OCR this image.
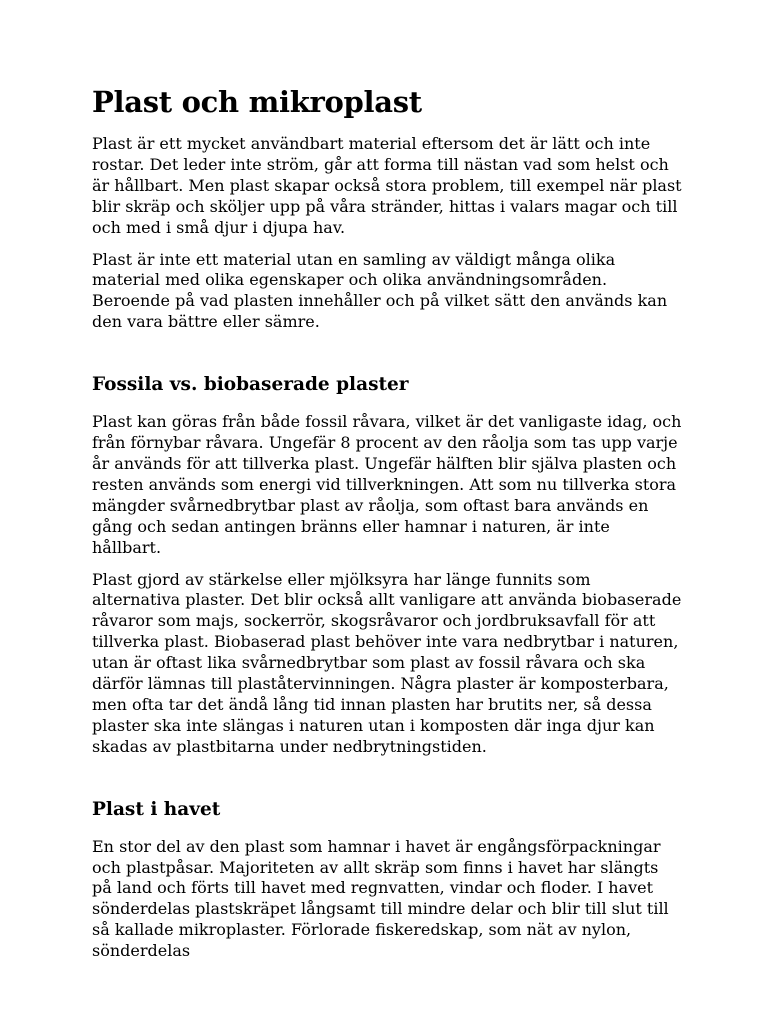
Plast och mikroplast

Plast är ett mycket användbart material eftersom det är lätt och inte rostar. Det leder inte ström, går att forma till nästan vad som helst och är hållbart. Men plast skapar också stora problem, till exempel när plast blir skräp och sköljer upp på våra stränder, hittas i valars magar och till och med i små djur i djupa hav.

Plast är inte ett material utan en samling av väldigt många olika material med olika egenskaper och olika användningsområden. Beroende på vad plasten innehåller och på vilket sätt den används kan den vara bättre eller sämre.

Fossila vs. biobaserade plaster

Plast kan göras från både fossil råvara, vilket är det vanligaste idag, och från förnybar råvara. Ungefär 8 procent av den råolja som tas upp varje år används för att tillverka plast. Ungefär hälften blir själva plasten och resten används som energi vid tillverkningen. Att som nu tillverka stora mängder svårnedbrytbar plast av råolja, som oftast bara används en gång och sedan antingen bränns eller hamnar i naturen, är inte hållbart.

Plast gjord av stärkelse eller mjölksyra har länge funnits som alternativa plaster. Det blir också allt vanligare att använda biobaserade råvaror som majs, sockerrör, skogsråvaror och jordbruksavfall för att tillverka plast. Biobaserad plast behöver inte vara nedbrytbar i naturen, utan är oftast lika svårnedbrytbar som plast av fossil råvara och ska därför lämnas till plaståtervinningen. Några plaster är komposterbara, men ofta tar det ändå lång tid innan plasten har brutits ner, så dessa plaster ska inte slängas i naturen utan i komposten där inga djur kan skadas av plastbitarna under nedbrytningstiden.

Plast i havet

En stor del av den plast som hamnar i havet är engångsförpackningar och plastpåsar. Majoriteten av allt skräp som finns i havet har slängts på land och förts till havet med regnvatten, vindar och floder. I havet sönderdelas plastskräpet långsamt till mindre delar och blir till slut till så kallade mikroplaster. Förlorade fiskeredskap, som nät av nylon, sönderdelas
